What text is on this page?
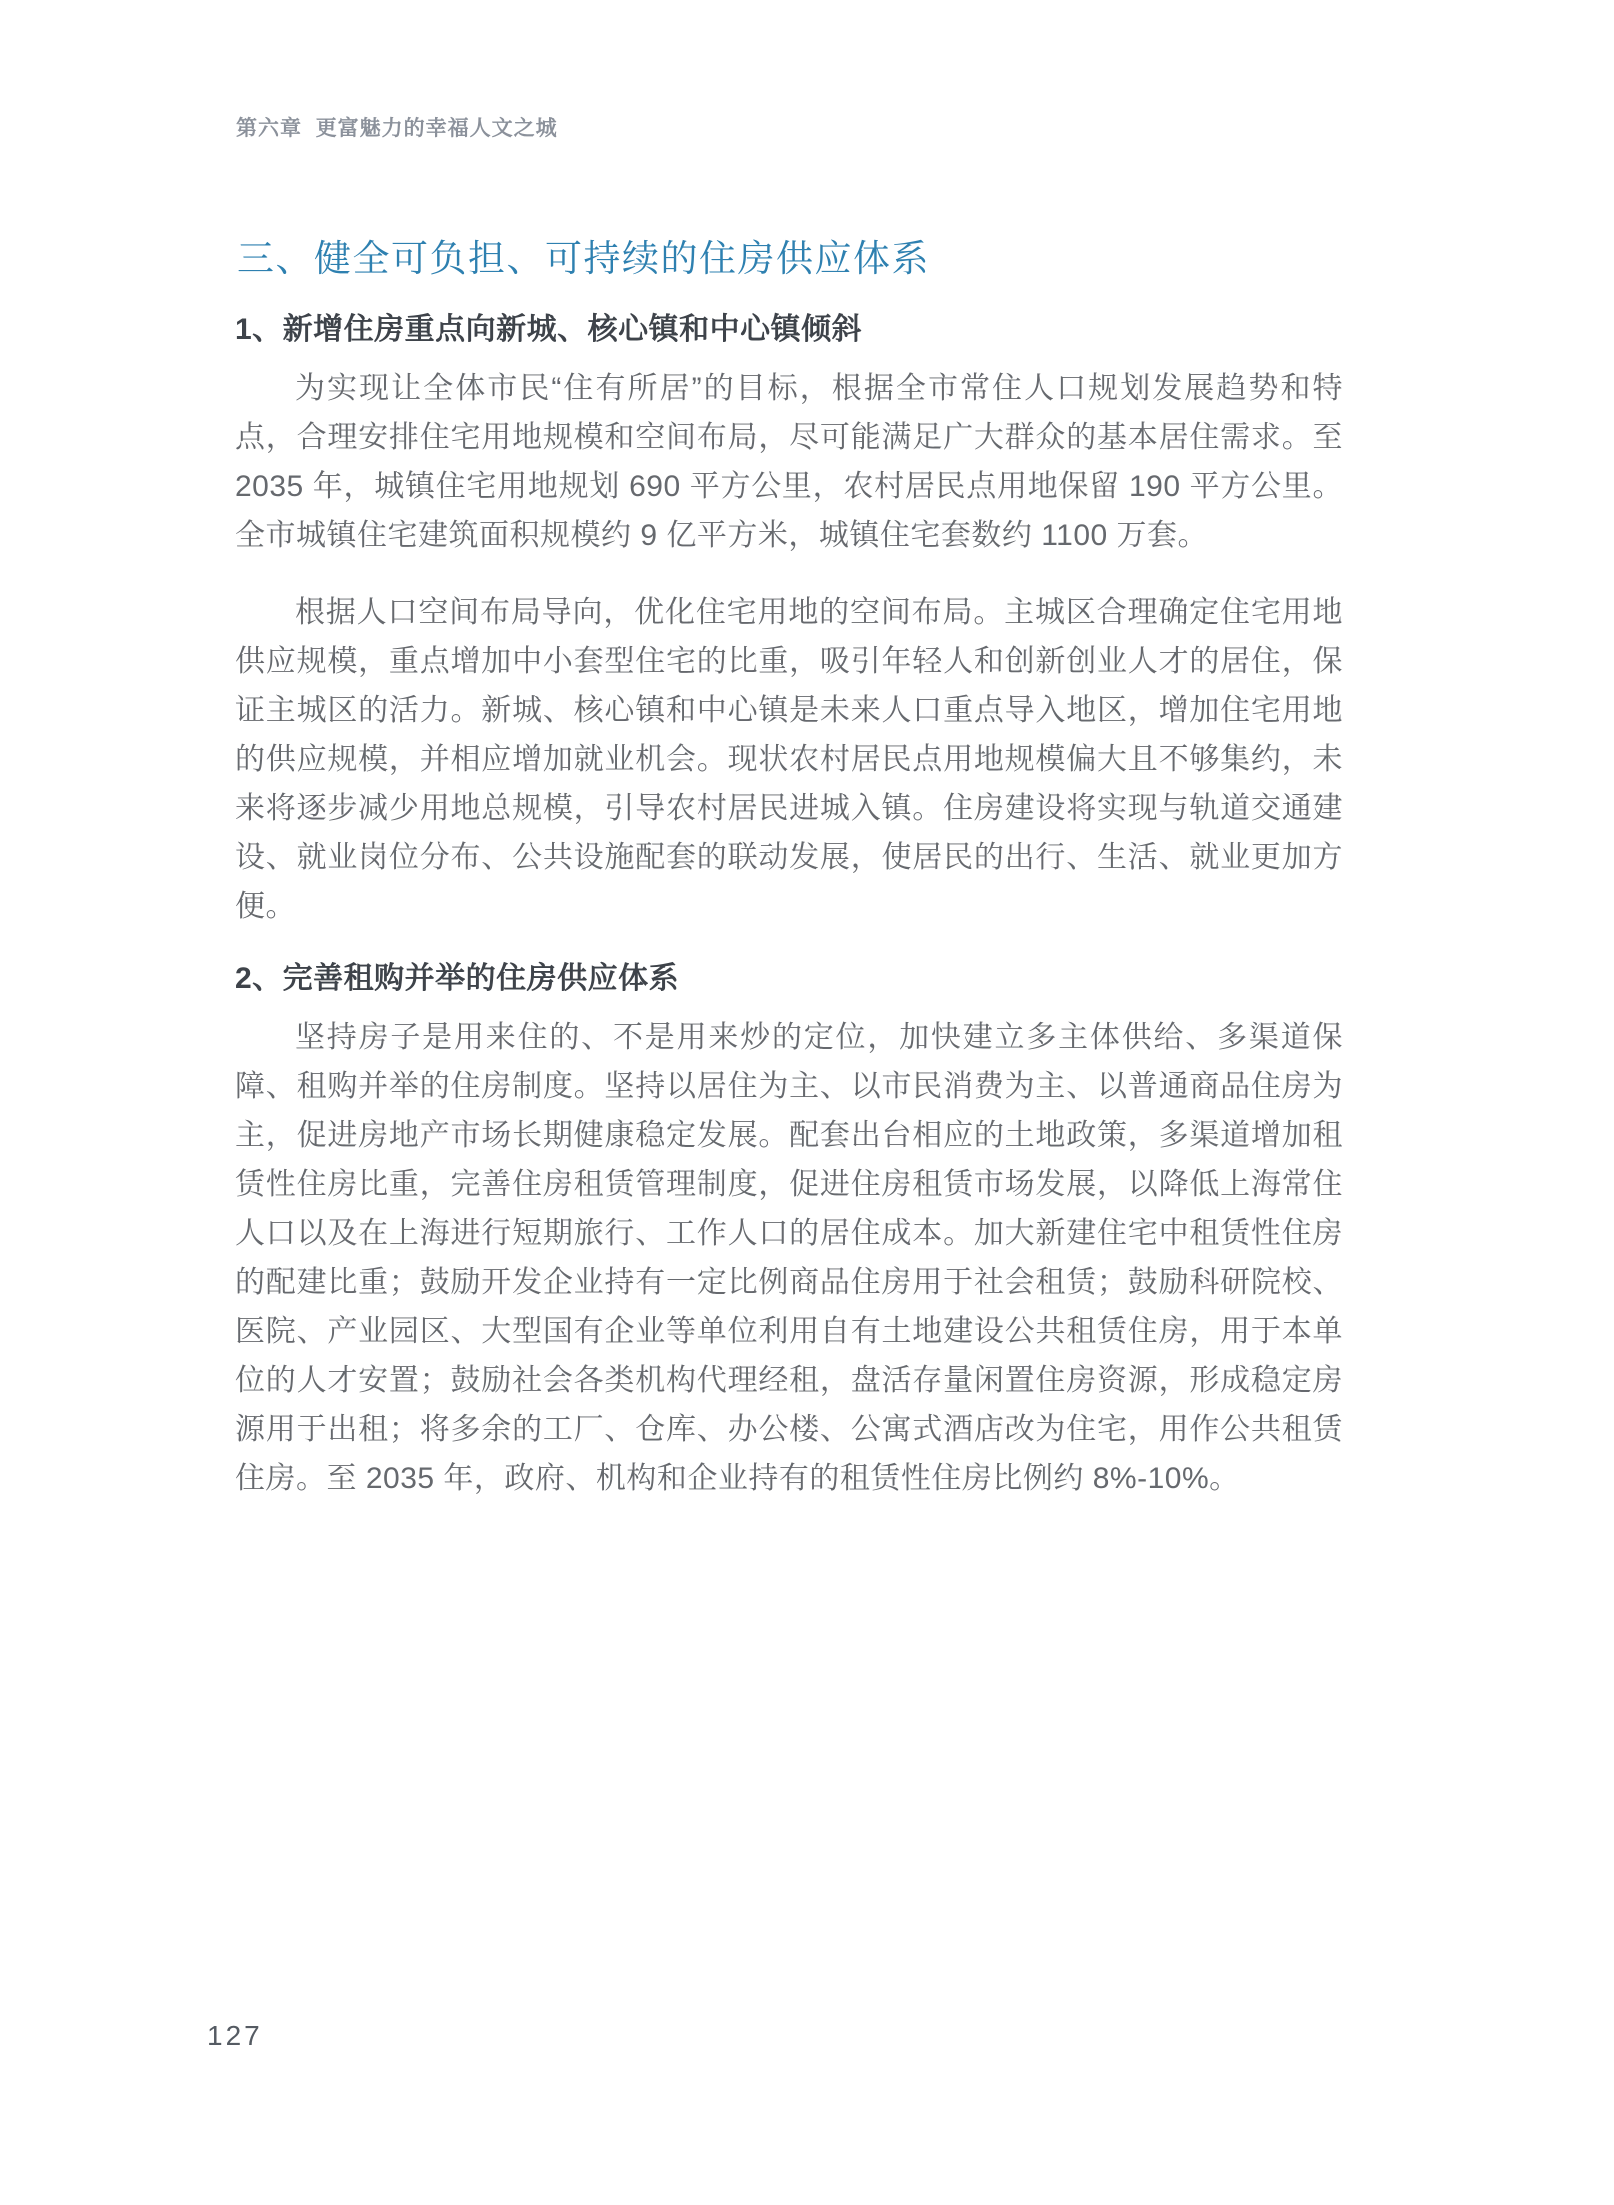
第六章  更富魅力的幸福人文之城
三、健全可负担、可持续的住房供应体系
1、新增住房重点向新城、核心镇和中心镇倾斜

为实现让全体市民“住有所居”的目标，根据全市常住人口规划发展趋势和特点，合理安排住宅用地规模和空间布局，尽可能满足广大群众的基本居住需求。至 2035 年，城镇住宅用地规划 690 平方公里，农村居民点用地保留 190 平方公里。全市城镇住宅建筑面积规模约 9 亿平方米，城镇住宅套数约 1100 万套。

根据人口空间布局导向，优化住宅用地的空间布局。主城区合理确定住宅用地供应规模，重点增加中小套型住宅的比重，吸引年轻人和创新创业人才的居住，保证主城区的活力。新城、核心镇和中心镇是未来人口重点导入地区，增加住宅用地的供应规模，并相应增加就业机会。现状农村居民点用地规模偏大且不够集约，未来将逐步减少用地总规模，引导农村居民进城入镇。住房建设将实现与轨道交通建设、就业岗位分布、公共设施配套的联动发展，使居民的出行、生活、就业更加方便。

2、完善租购并举的住房供应体系

坚持房子是用来住的、不是用来炒的定位，加快建立多主体供给、多渠道保障、租购并举的住房制度。坚持以居住为主、以市民消费为主、以普通商品住房为主，促进房地产市场长期健康稳定发展。配套出台相应的土地政策，多渠道增加租赁性住房比重，完善住房租赁管理制度，促进住房租赁市场发展，以降低上海常住人口以及在上海进行短期旅行、工作人口的居住成本。加大新建住宅中租赁性住房的配建比重；鼓励开发企业持有一定比例商品住房用于社会租赁；鼓励科研院校、医院、产业园区、大型国有企业等单位利用自有土地建设公共租赁住房，用于本单位的人才安置；鼓励社会各类机构代理经租，盘活存量闲置住房资源，形成稳定房源用于出租；将多余的工厂、仓库、办公楼、公寓式酒店改为住宅，用作公共租赁住房。至 2035 年，政府、机构和企业持有的租赁性住房比例约 8%-10%。

127
